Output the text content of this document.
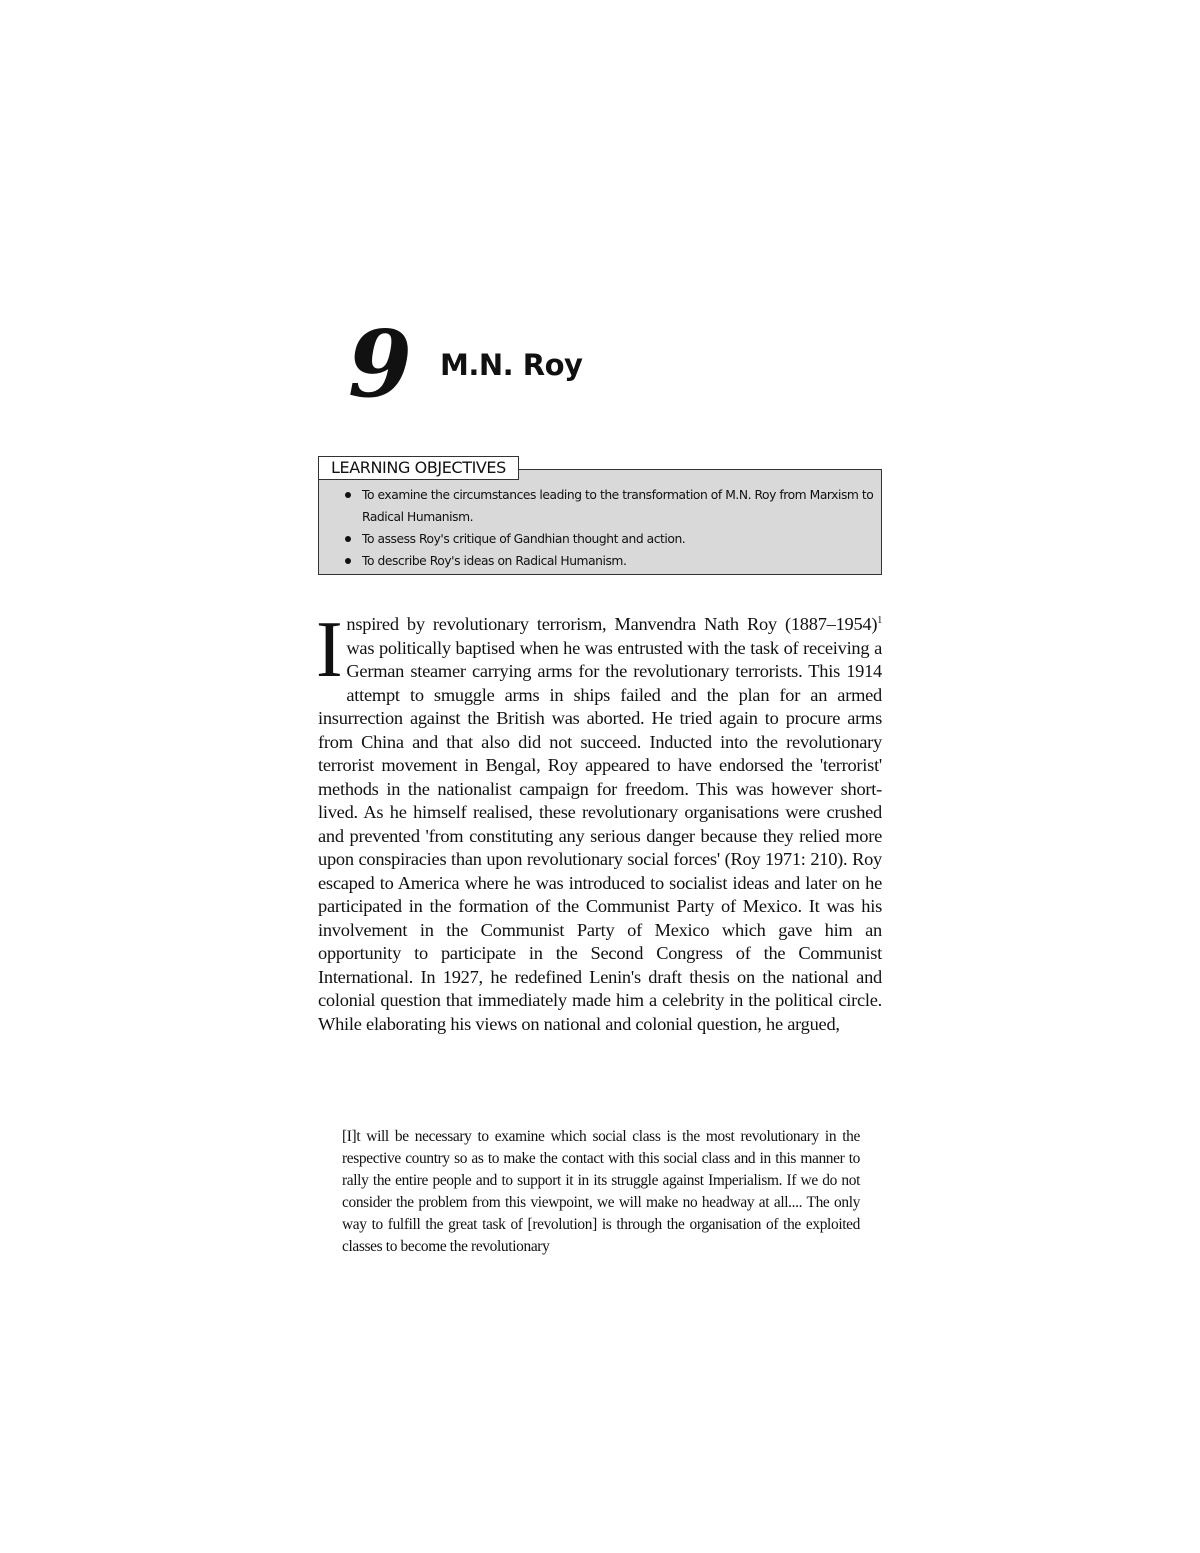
9 M.N. Roy
LEARNING OBJECTIVES
To examine the circumstances leading to the transformation of M.N. Roy from Marxism to Radical Humanism.
To assess Roy's critique of Gandhian thought and action.
To describe Roy's ideas on Radical Humanism.

Inspired by revolutionary terrorism, Manvendra Nath Roy (1887–1954)$^1$ was politically baptised when he was entrusted with the task of receiving a German steamer carrying arms for the revolutionary terrorists. This 1914 attempt to smuggle arms in ships failed and the plan for an armed insurrection against the British was aborted. He tried again to procure arms from China and that also did not succeed. Inducted into the revolutionary terrorist movement in Bengal, Roy appeared to have endorsed the 'terrorist' methods in the nationalist campaign for freedom. This was however short-lived. As he himself realised, these revolutionary organisations were crushed and prevented 'from constituting any serious danger because they relied more upon conspiracies than upon revolutionary social forces' (Roy 1971: 210). Roy escaped to America where he was introduced to socialist ideas and later on he participated in the formation of the Communist Party of Mexico. It was his involvement in the Communist Party of Mexico which gave him an opportunity to participate in the Second Congress of the Communist International. In 1927, he redefined Lenin's draft thesis on the national and colonial question that immediately made him a celebrity in the political circle. While elaborating his views on national and colonial question, he argued,

[I]t will be necessary to examine which social class is the most revolutionary in the respective country so as to make the contact with this social class and in this manner to rally the entire people and to support it in its struggle against Imperialism. If we do not consider the problem from this viewpoint, we will make no headway at all.... The only way to fulfill the great task of [revolution] is through the organisation of the exploited classes to become the revolutionary
